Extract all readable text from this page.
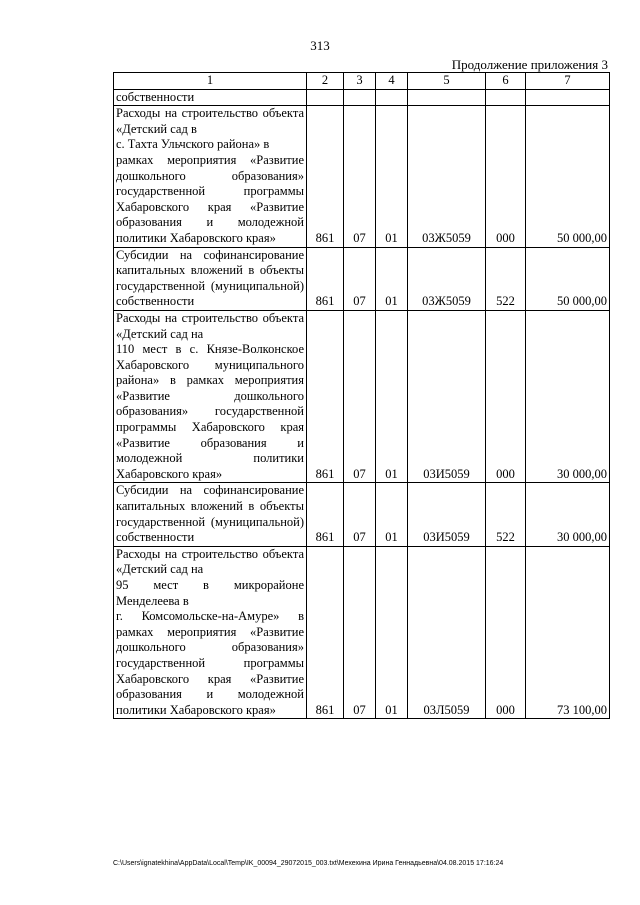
313
Продолжение приложения 3
1	2	3	4	5	6	7

собственности						

Расходы на строительство объекта «Детский сад в
с. Тахта Ульчского района» в
рамках мероприятия «Развитие дошкольного образования» государственной программы Хабаровского края «Развитие образования и молодежной политики Хабаровского края»	861	07	01	03Ж5059	000	50 000,00

Субсидии на софинансирование капитальных вложений в объекты государственной (муниципальной) собственности	861	07	01	03Ж5059	522	50 000,00

Расходы на строительство объекта «Детский сад на
110 мест в с. Князе-Волконское Хабаровского муниципального района» в рамках мероприятия «Развитие дошкольного образования» государственной программы Хабаровского края «Развитие образования и молодежной политики Хабаровского края»	861	07	01	03И5059	000	30 000,00

Субсидии на софинансирование капитальных вложений в объекты государственной (муниципальной) собственности	861	07	01	03И5059	522	30 000,00

Расходы на строительство объекта «Детский сад на
95 мест в микрорайоне Менделеева в
г. Комсомольске-на-Амуре» в рамках мероприятия «Развитие дошкольного образования» государственной программы Хабаровского края «Развитие образования и молодежной политики Хабаровского края»	861	07	01	03Л5059	000	73 100,00
C:\Users\ignatekhina\AppData\Local\Temp\IK_00094_29072015_003.txt\Мехехина Ирина Геннадьевна\04.08.2015 17:16:24
